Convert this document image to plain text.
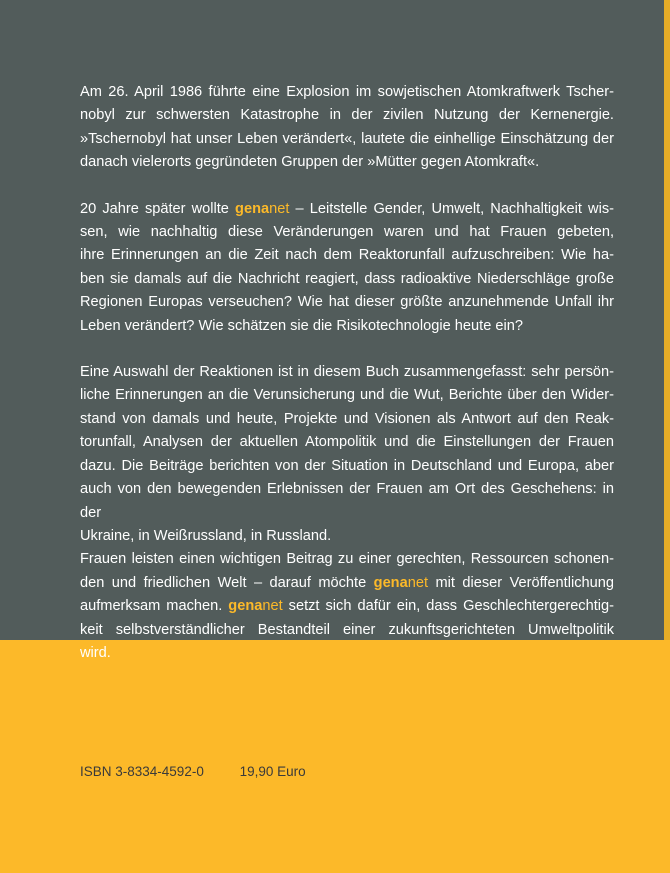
Am 26. April 1986 führte eine Explosion im sowjetischen Atomkraftwerk Tscher-
nobyl zur schwersten Katastrophe in der zivilen Nutzung der Kernenergie.
»Tschernobyl hat unser Leben verändert«, lautete die einhellige Einschätzung der
danach vielerorts gegründeten Gruppen der »Mütter gegen Atomkraft«.

20 Jahre später wollte genanet – Leitstelle Gender, Umwelt, Nachhaltigkeit wis-
sen, wie nachhaltig diese Veränderungen waren und hat Frauen gebeten,
ihre Erinnerungen an die Zeit nach dem Reaktorunfall aufzuschreiben: Wie ha-
ben sie damals auf die Nachricht reagiert, dass radioaktive Niederschläge große
Regionen Europas verseuchen? Wie hat dieser größte anzunehmende Unfall ihr
Leben verändert? Wie schätzen sie die Risikotechnologie heute ein?

Eine Auswahl der Reaktionen ist in diesem Buch zusammengefasst: sehr persön-
liche Erinnerungen an die Verunsicherung und die Wut, Berichte über den Wider-
stand von damals und heute, Projekte und Visionen als Antwort auf den Reak-
torunfall, Analysen der aktuellen Atompolitik und die Einstellungen der Frauen
dazu. Die Beiträge berichten von der Situation in Deutschland und Europa, aber
auch von den bewegenden Erlebnissen der Frauen am Ort des Geschehens: in der
Ukraine, in Weißrussland, in Russland.

Frauen leisten einen wichtigen Beitrag zu einer gerechten, Ressourcen schonen-
den und friedlichen Welt – darauf möchte genanet mit dieser Veröffentlichung
aufmerksam machen. genanet setzt sich dafür ein, dass Geschlechtergerechtig-
keit selbstverständlicher Bestandteil einer zukunftsgerichteten Umweltpolitik
wird.

ISBN 3-8334-4592-0	19,90 Euro
